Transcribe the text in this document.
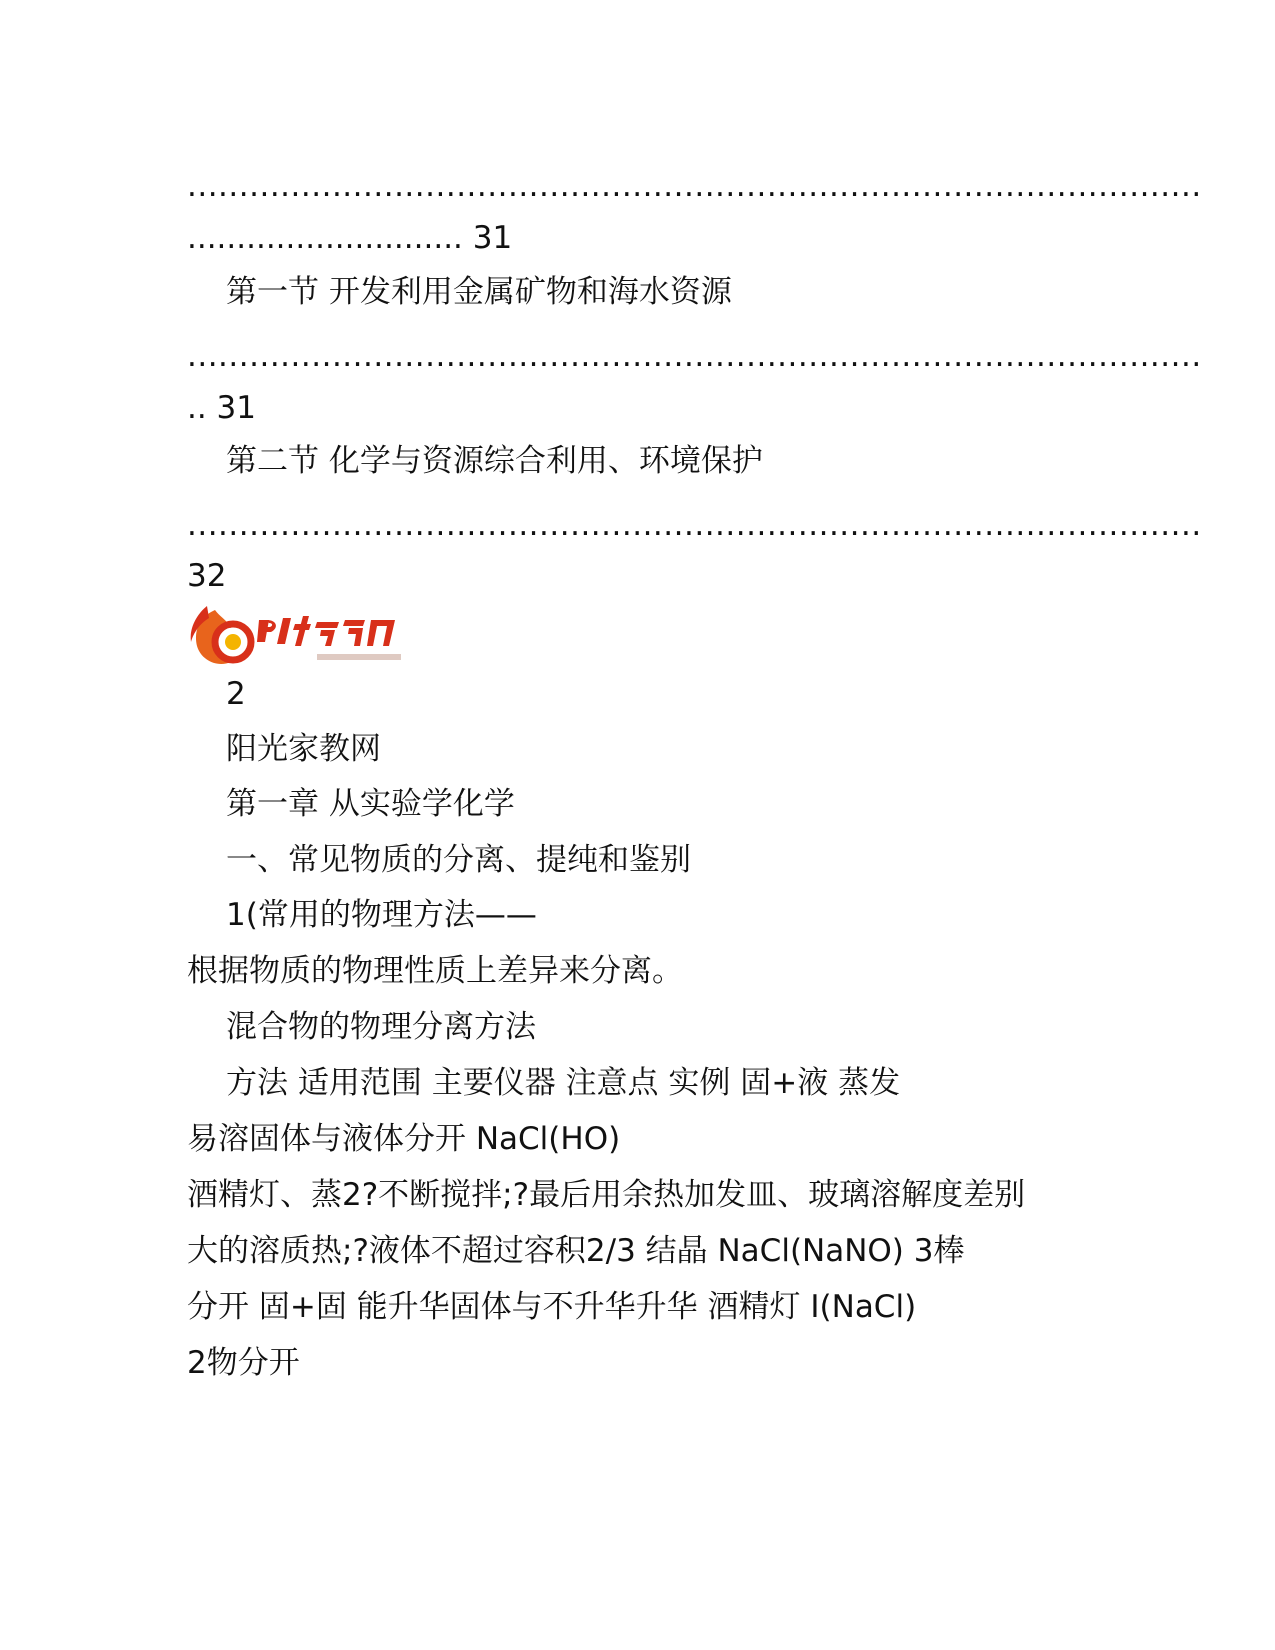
..................................................................................................
............................ 31
第一节 开发利用金属矿物和海水资源
..................................................................................................
.. 31
第二节 化学与资源综合利用、环境保护
..................................................................................................
32
2
阳光家教网
第一章 从实验学化学
一、常见物质的分离、提纯和鉴别
1(常用的物理方法——
根据物质的物理性质上差异来分离。
混合物的物理分离方法
方法 适用范围 主要仪器 注意点 实例 固+液 蒸发
易溶固体与液体分开 NaCl(HO)
酒精灯、蒸2?不断搅拌;?最后用余热加发皿、玻璃溶解度差别
大的溶质热;?液体不超过容积2/3 结晶 NaCl(NaNO) 3棒
分开 固+固 能升华固体与不升华升华 酒精灯 I(NaCl)
2物分开
